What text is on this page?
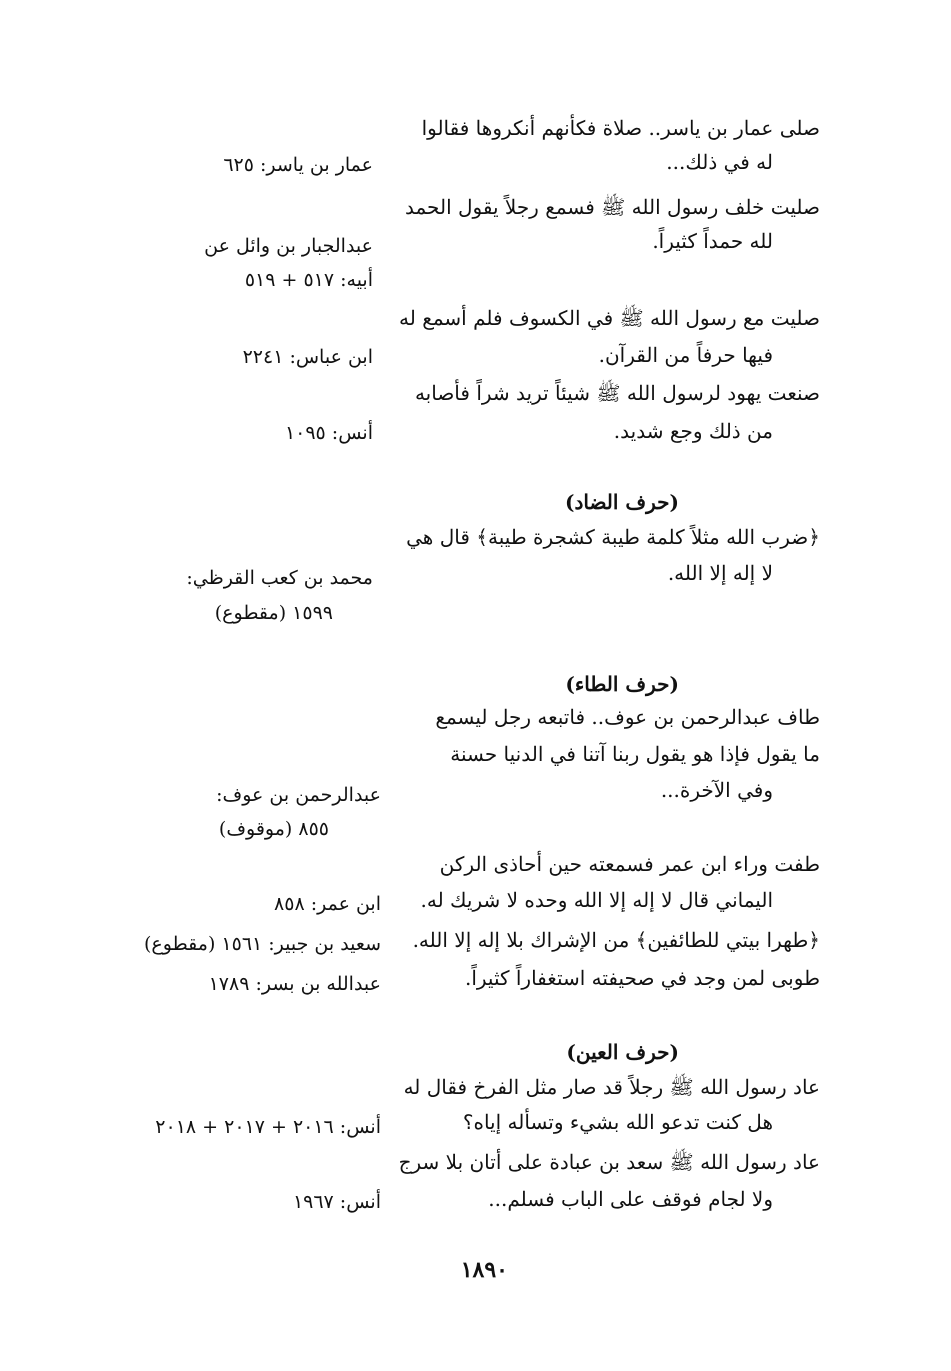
صلى عمار بن ياسر.. صلاة فكأنهم أنكروها فقالوا
له في ذلك...
عمار بن ياسر: ٦٢٥
صليت خلف رسول الله ﷺ فسمع رجلاً يقول الحمد
لله حمداً كثيراً.
عبدالجبار بن وائل عن
أبيه: ٥١٧ + ٥١٩
صليت مع رسول الله ﷺ في الكسوف فلم أسمع له
فيها حرفاً من القرآن.
ابن عباس: ٢٢٤١
صنعت يهود لرسول الله ﷺ شيئاً تريد شراً فأصابه
من ذلك وجع شديد.
أنس: ١٠٩٥
(حرف الضاد)
﴿ضرب الله مثلاً كلمة طيبة كشجرة طيبة﴾ قال هي
لا إله إلا الله.
محمد بن كعب القرظي:
١٥٩٩ (مقطوع)
(حرف الطاء)
طاف عبدالرحمن بن عوف.. فاتبعه رجل ليسمع
ما يقول فإذا هو يقول ربنا آتنا في الدنيا حسنة
وفي الآخرة...
عبدالرحمن بن عوف:
٨٥٥ (موقوف)
طفت وراء ابن عمر فسمعته حين أحاذى الركن
اليماني قال لا إله إلا الله وحده لا شريك له.
ابن عمر: ٨٥٨
﴿طهرا بيتي للطائفين﴾ من الإشراك بلا إله إلا الله.
سعيد بن جبير: ١٥٦١ (مقطوع)
طوبى لمن وجد في صحيفته استغفاراً كثيراً.
عبدالله بن بسر: ١٧٨٩
(حرف العين)
عاد رسول الله ﷺ رجلاً قد صار مثل الفرخ فقال له
هل كنت تدعو الله بشيء وتسأله إياه؟
أنس: ٢٠١٦ + ٢٠١٧ + ٢٠١٨
عاد رسول الله ﷺ سعد بن عبادة على أتان بلا سرج
ولا لجام فوقف على الباب فسلم...
أنس: ١٩٦٧
١٨٩٠
